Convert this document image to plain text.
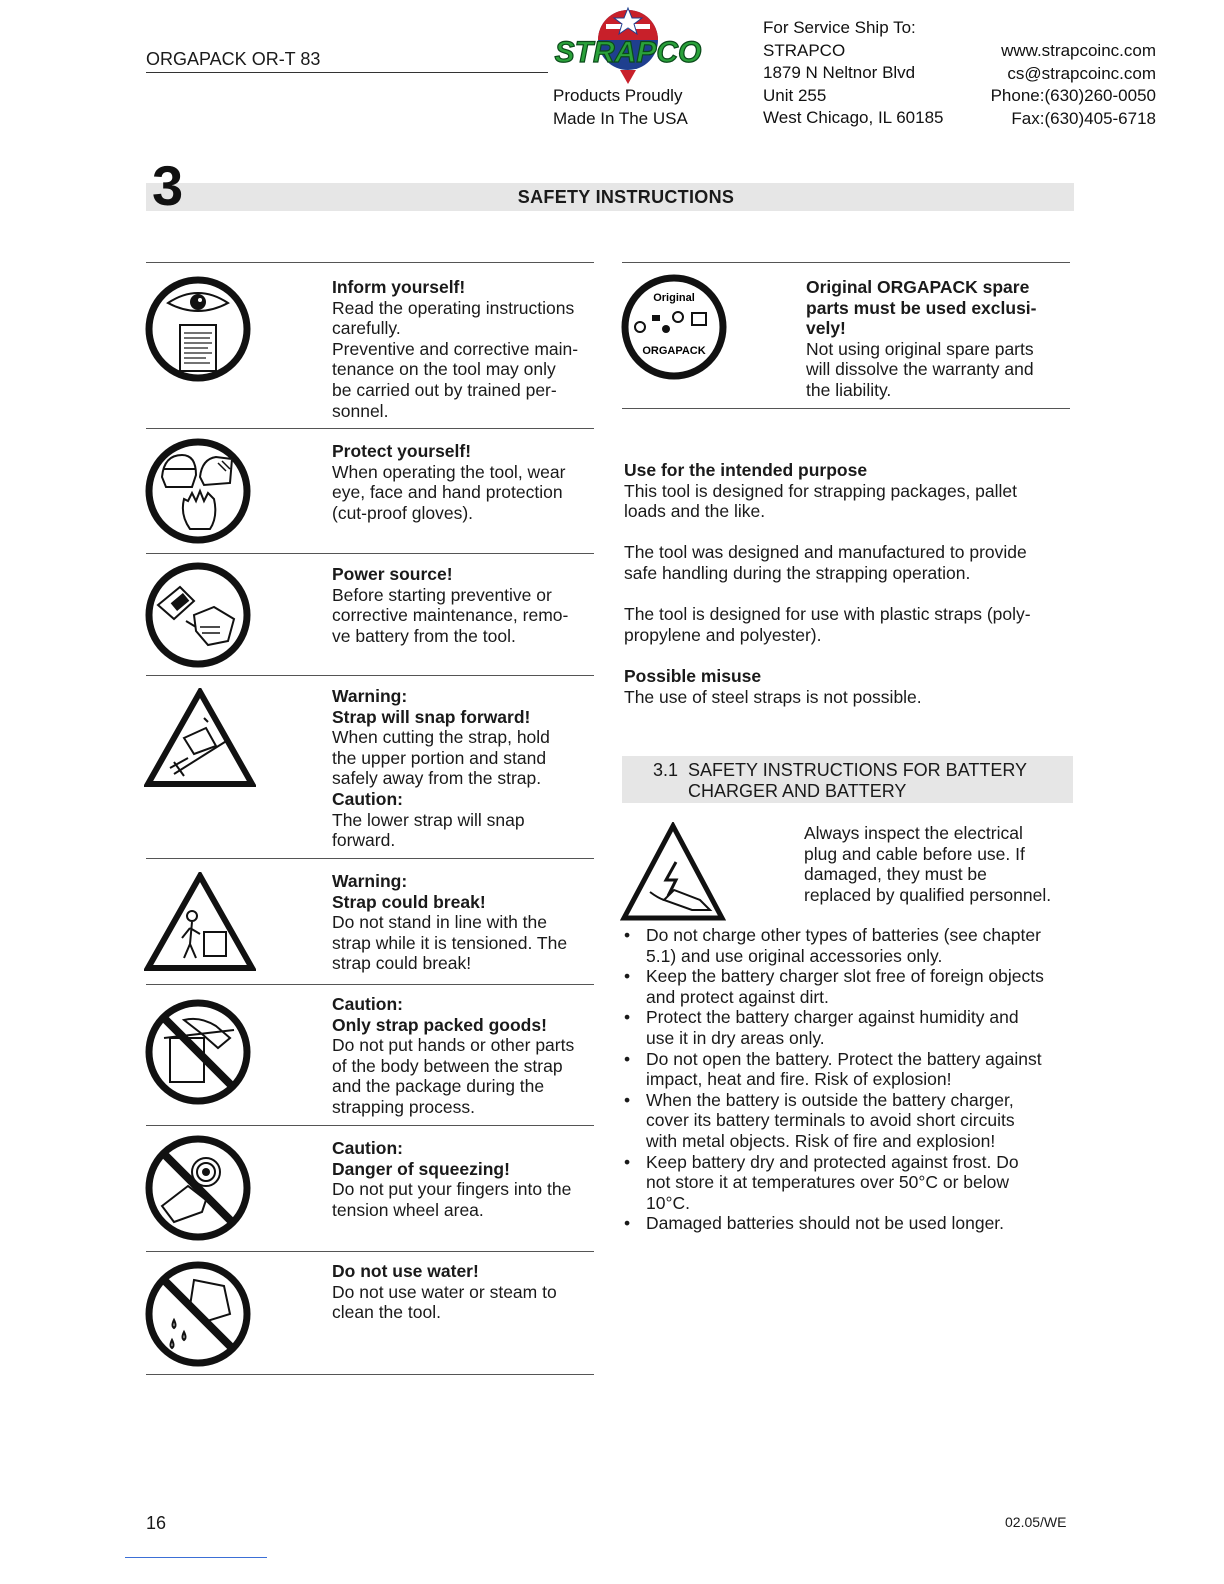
ORGAPACK OR-T 83	STRAPCO
Products Proudly
Made In The USA
For Service Ship To:
STRAPCO
1879 N Neltnor Blvd
Unit 255
West Chicago, IL 60185
www.strapcoinc.com
cs@strapcoinc.com
Phone:(630)260-0050
Fax:(630)405-6718
3	SAFETY INSTRUCTIONS
Inform yourself!
Read the operating instructions carefully.
Preventive and corrective main-
tenance on the tool may only
be carried out by trained per-
sonnel.
Protect yourself!
When operating the tool, wear
eye, face and hand protection
(cut-proof gloves).
Power source!
Before starting preventive or
corrective maintenance, remo-
ve battery from the tool.
Warning:
Strap will snap forward!
When cutting the strap, hold
the upper portion and stand
safely away from the strap.
Caution:
The lower strap will snap
forward.
Warning:
Strap could break!
Do not stand in line with the
strap while it is tensioned. The
strap could break!
Caution:
Only strap packed goods!
Do not put hands or other parts
of the body between the strap
and the package during the
strapping process.
Caution:
Danger of squeezing!
Do not put your fingers into the
tension wheel area.
Do not use water!
Do not use water or steam to
clean the tool.
Original
ORGAPACK
Original ORGAPACK spare
parts must be used exclusi-
vely!
Not using original spare parts
will dissolve the warranty and
the liability.
Use for the intended purpose
This tool is designed for strapping packages, pallet
loads and the like.
The tool was designed and manufactured to provide
safe handling during the strapping operation.
The tool is designed for use with plastic straps (poly-
propylene and polyester).
Possible misuse
The use of steel straps is not possible.
3.1 SAFETY INSTRUCTIONS FOR BATTERY
CHARGER AND BATTERY
Always inspect the electrical
plug and cable before use. If
damaged, they must be
replaced by qualified personnel.
• Do not charge other types of batteries (see chapter
5.1) and use original accessories only.
• Keep the battery charger slot free of foreign objects
and protect against dirt.
• Protect the battery charger against humidity and
use it in dry areas only.
• Do not open the battery. Protect the battery against
impact, heat and fire. Risk of explosion!
• When the battery is outside the battery charger,
cover its battery terminals to avoid short circuits
with metal objects. Risk of fire and explosion!
• Keep battery dry and protected against frost. Do
not store it at temperatures over 50°C or below
10°C.
• Damaged batteries should not be used longer.
16	02.05/WE
